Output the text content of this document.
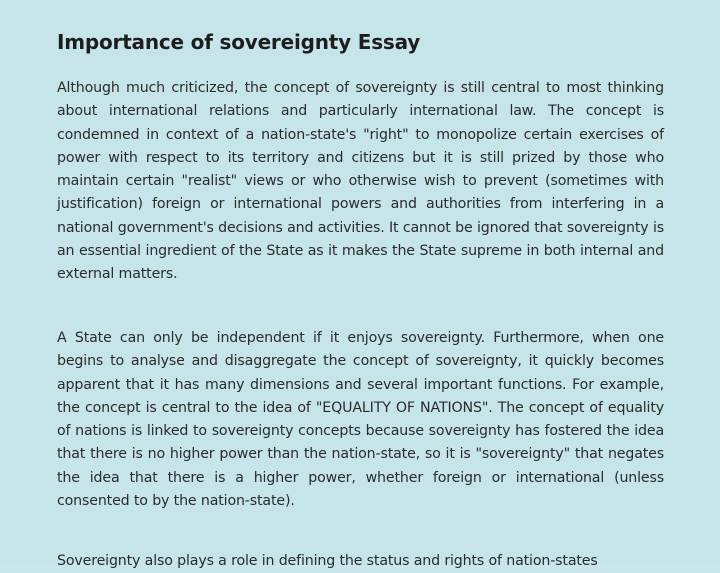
Importance of sovereignty Essay

Although much criticized, the concept of sovereignty is still central to most thinking about international relations and particularly international law. The concept is condemned in context of a nation-state's "right" to monopolize certain exercises of power with respect to its territory and citizens but it is still prized by those who maintain certain "realist" views or who otherwise wish to prevent (sometimes with justification) foreign or international powers and authorities from interfering in a national government's decisions and activities. It cannot be ignored that sovereignty is an essential ingredient of the State as it makes the State supreme in both internal and external matters.

A State can only be independent if it enjoys sovereignty. Furthermore, when one begins to analyse and disaggregate the concept of sovereignty, it quickly becomes apparent that it has many dimensions and several important functions. For example, the concept is central to the idea of "EQUALITY OF NATIONS". The concept of equality of nations is linked to sovereignty concepts because sovereignty has fostered the idea that there is no higher power than the nation-state, so it is "sovereignty" that negates the idea that there is a higher power, whether foreign or international (unless consented to by the nation-state).

Sovereignty also plays a role in defining the status and rights of nation-states
